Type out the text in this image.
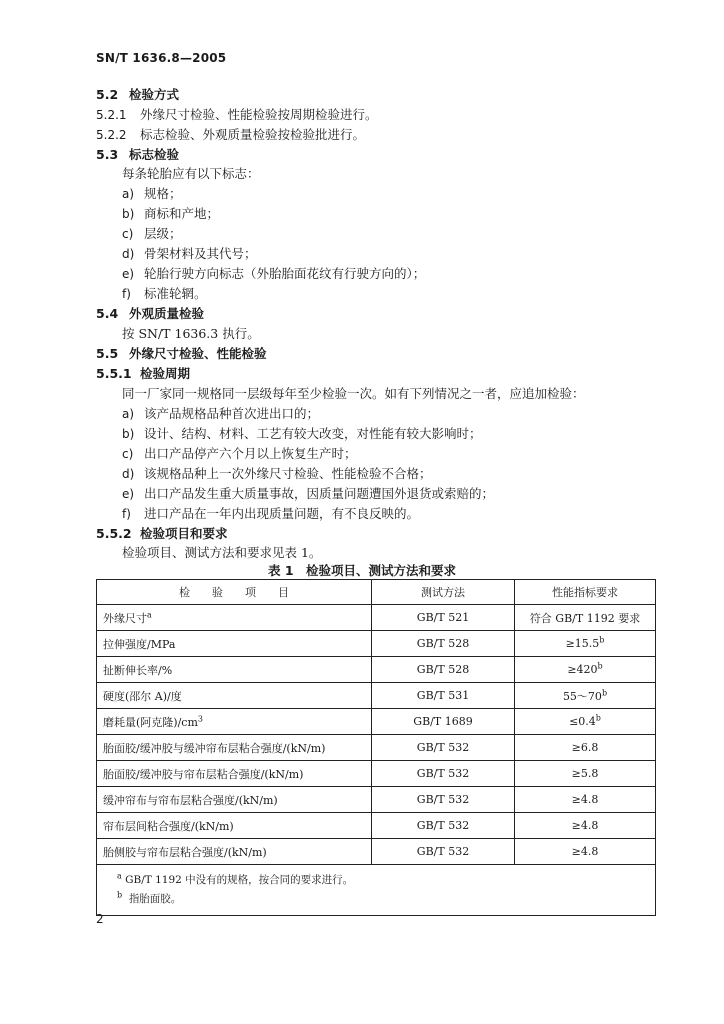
SN/T 1636.8—2005
5.2 检验方式
5.2.1 外缘尺寸检验、性能检验按周期检验进行。
5.2.2 标志检验、外观质量检验按检验批进行。
5.3 标志检验
每条轮胎应有以下标志：
a) 规格；
b) 商标和产地；
c) 层级；
d) 骨架材料及其代号；
e) 轮胎行驶方向标志（外胎胎面花纹有行驶方向的）；
f) 标准轮辋。
5.4 外观质量检验
按 SN/T 1636.3 执行。
5.5 外缘尺寸检验、性能检验
5.5.1 检验周期
同一厂家同一规格同一层级每年至少检验一次。如有下列情况之一者，应追加检验：
a) 该产品规格品种首次进出口的；
b) 设计、结构、材料、工艺有较大改变，对性能有较大影响时；
c) 出口产品停产六个月以上恢复生产时；
d) 该规格品种上一次外缘尺寸检验、性能检验不合格；
e) 出口产品发生重大质量事故，因质量问题遭国外退货或索赔的；
f) 进口产品在一年内出现质量问题，有不良反映的。
5.5.2 检验项目和要求
检验项目、测试方法和要求见表 1。
表 1　检验项目、测试方法和要求
检　　验　　项　　目	测试方法	性能指标要求
外缘尺寸$^a$	GB/T 521	符合 GB/T 1192 要求
拉伸强度/MPa	GB/T 528	≥15.5$^b$
扯断伸长率/%	GB/T 528	$\ge 420^b$
硬度(邵尔 A)/度	GB/T 531	55～70$^b$
磨耗量(阿克隆)$/cm^3$	GB/T 1689	≤0.4$^b$
胎面胶/缓冲胶与缓冲帘布层粘合强度/(kN/m)	GB/T 532	≥6.8
胎面胶/缓冲胶与帘布层粘合强度/(kN/m)	GB/T 532	≥5.8
缓冲帘布与帘布层粘合强度/(kN/m)	GB/T 532	≥4.8
帘布层间粘合强度/(kN/m)	GB/T 532	≥4.8
胎侧胶与帘布层粘合强度/(kN/m)	GB/T 532	≥4.8

$^a$ GB/T 1192 中没有的规格，按合同的要求进行。
$^b$ 指胎面胶。		
2
